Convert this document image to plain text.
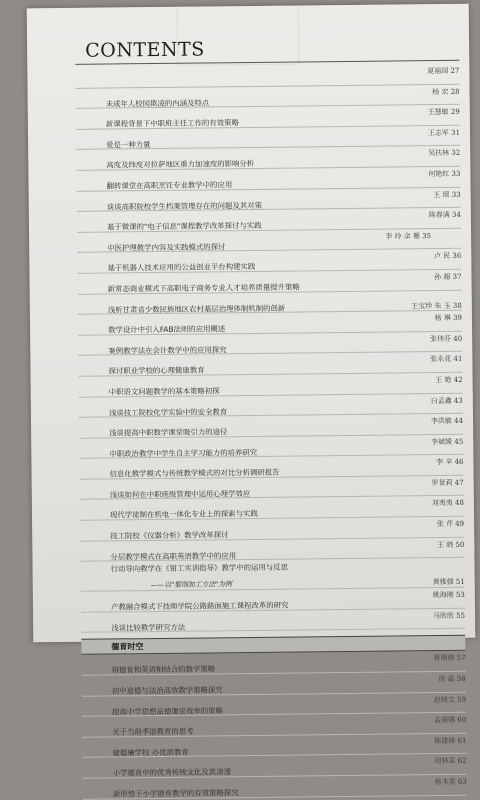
CONTENTS
夏福园 27
未成年人校园欺凌的内涵及特点
杨 宏 28
新课程背景下中职班主任工作的有效策略
王慧敏 29
爱是一种力量
王志军 31
高度及纬度对拉萨地区重力加速度的影响分析
吴扶林 32
翻转课堂在高职烹饪专业教学中的应用
何艳红 33
谈谈高职院校学生档案管理存在的问题及其对策
王 瑶 33
基于微课的"电子信息"课程教学改革探讨与实践
陈春满 34
中医护理教学内容及实践模式的探讨
李 玲 余 珊 35
基于机器人技术应用的公益创业平台构建实践
卢 民 36
新常态商业模式下高职电子商务专业人才培养质量提升策略
孙 超 37
浅析甘肃省少数民族地区农村基层治理体制机制的创新	王宝珍 朱 玉 38
数学设计中引入FAB法则的应用概述
杨 琳 39
案例教学法在会计教学中的应用探究
张伟芬 40
探讨职业学校的心理健康教育
张永花 41
中职语文问题教学的基本策略初探
王 艳 42
浅谈技工院校化学实验中的安全教育
白孟鑫 43
浅谈提高中职数学课堂吸引力的途径
李洪敏 44
中职政治教学中学生自主学习能力的培养研究
李斌媛 45
信息化教学模式与传统教学模式的对比分析调研报告
李 辛 46
浅谈如何在中职班级管理中运用心理学效应
罗景莉 47
现代学徒制在机电一体化专业上的探索与实践
刘夷夷 48
技工院校《仪器分析》教学改革探讨
张 芹 49
分层教学模式在高职英语教学中的应用
王 晓 50
行动导向教学在《钳工实训指导》教学中的运用与反思
——以"錾削加工方法"为例	黄雅强 51
产教融合模式下技师学院公路路面施工课程改革的研究
姚海刚 53
浅谈比较教学研究方法
马欣欣 55
德育时空
将德育和英语相结合的教学策略
蒋翔刚 57
初中道德与法治高效教学策略探究
徐 晶 58
提高中学思想品德课堂效率的策略
赵映文 59
关于当前孝道教育的思考
孟丽娜 60
建德廉学校 办优质教育
陈建锋 61
小学德育中的优秀传统文化及其渗透
周林菜 62
新形势下小学德育教学的有效策略探究
杨木英 63
